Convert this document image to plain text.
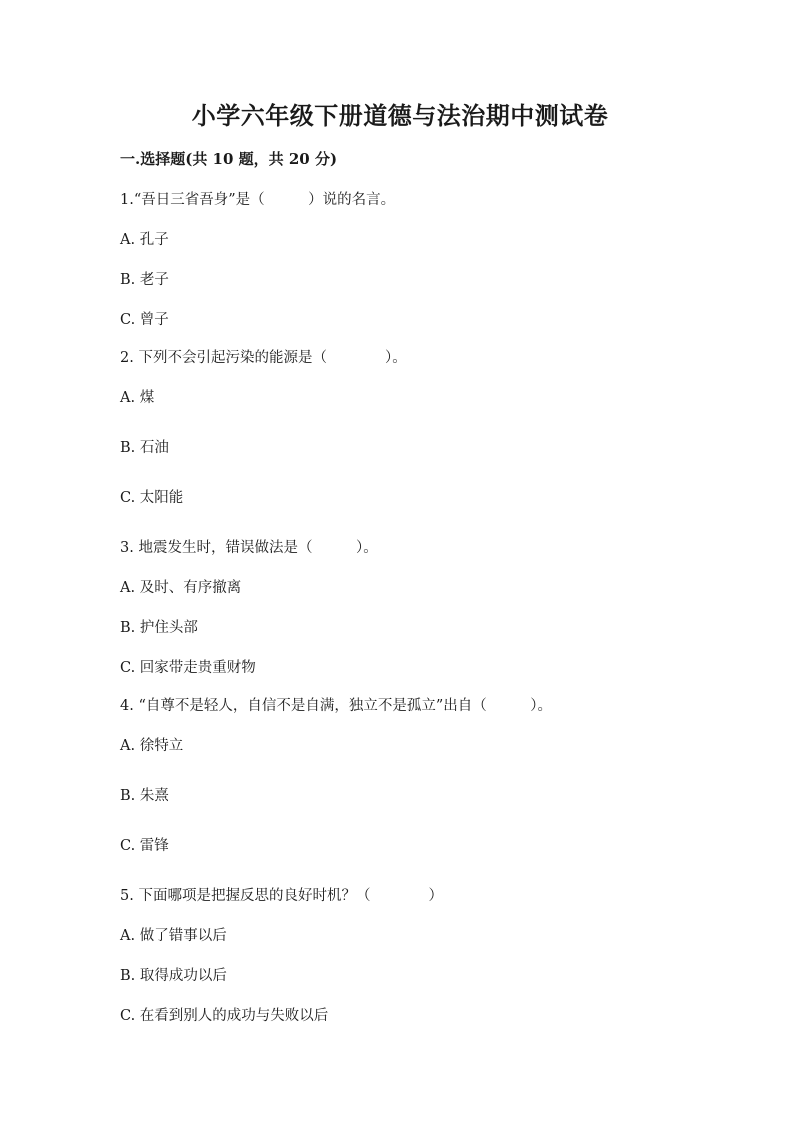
小学六年级下册道德与法治期中测试卷
一.选择题(共 10 题，共 20 分)
1.“吾日三省吾身”是（　　　）说的名言。
A. 孔子
B. 老子
C. 曾子
2. 下列不会引起污染的能源是（　　　　）。
A. 煤
B. 石油
C. 太阳能
3. 地震发生时，错误做法是（　　　）。
A. 及时、有序撤离
B. 护住头部
C. 回家带走贵重财物
4. “自尊不是轻人，自信不是自满，独立不是孤立”出自（　　　）。
A. 徐特立
B. 朱熹
C. 雷锋
5. 下面哪项是把握反思的良好时机？（　　　　）
A. 做了错事以后
B. 取得成功以后
C. 在看到别人的成功与失败以后
